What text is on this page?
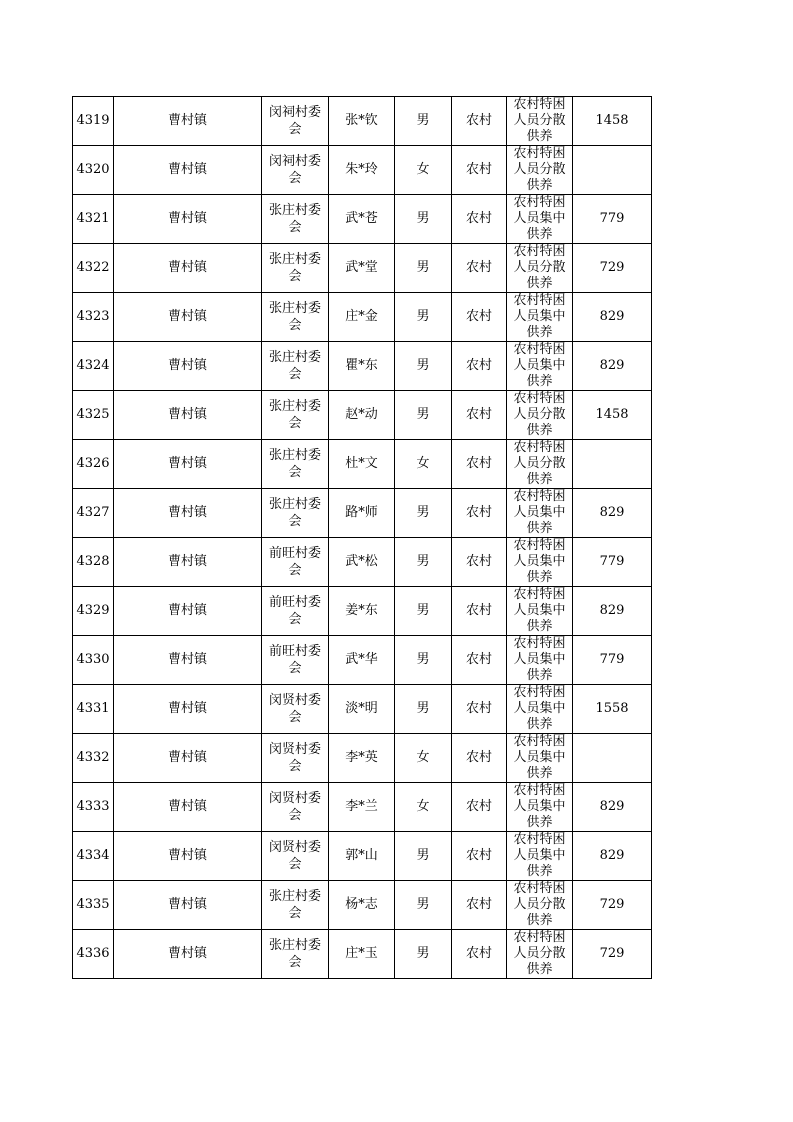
4319	曹村镇	闵祠村委会	张*钦	男	农村	农村特困人员分散供养	1458

4320	曹村镇	闵祠村委会	朱*玲	女	农村	农村特困人员分散供养	

4321	曹村镇	张庄村委会	武*苍	男	农村	农村特困人员集中供养	779

4322	曹村镇	张庄村委会	武*堂	男	农村	农村特困人员分散供养	729

4323	曹村镇	张庄村委会	庄*金	男	农村	农村特困人员集中供养	829

4324	曹村镇	张庄村委会	瞿*东	男	农村	农村特困人员集中供养	829

4325	曹村镇	张庄村委会	赵*动	男	农村	农村特困人员分散供养	1458

4326	曹村镇	张庄村委会	杜*文	女	农村	农村特困人员分散供养	

4327	曹村镇	张庄村委会	路*师	男	农村	农村特困人员集中供养	829

4328	曹村镇	前旺村委会	武*松	男	农村	农村特困人员集中供养	779

4329	曹村镇	前旺村委会	姜*东	男	农村	农村特困人员集中供养	829

4330	曹村镇	前旺村委会	武*华	男	农村	农村特困人员集中供养	779

4331	曹村镇	闵贤村委会	淡*明	男	农村	农村特困人员集中供养	1558

4332	曹村镇	闵贤村委会	李*英	女	农村	农村特困人员集中供养	

4333	曹村镇	闵贤村委会	李*兰	女	农村	农村特困人员集中供养	829

4334	曹村镇	闵贤村委会	郭*山	男	农村	农村特困人员集中供养	829

4335	曹村镇	张庄村委会	杨*志	男	农村	农村特困人员分散供养	729

4336	曹村镇	张庄村委会	庄*玉	男	农村	农村特困人员分散供养	729
